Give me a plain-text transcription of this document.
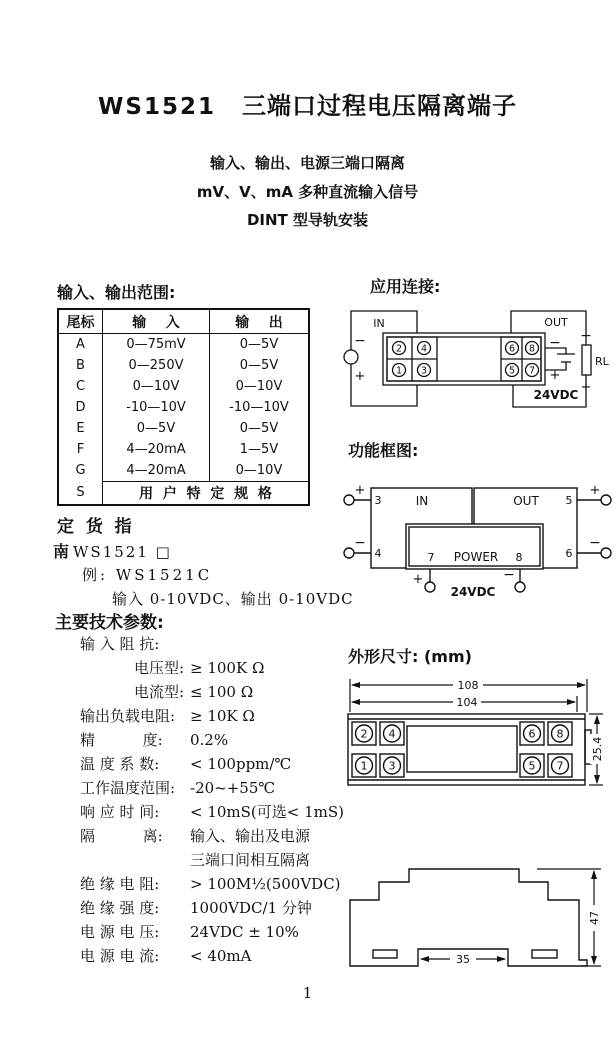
WS1521 三端口过程电压隔离端子
输入、输出、电源三端口隔离
mV、V、mA 多种直流输入信号
DINT 型导轨安装
输入、输出范围:
尾标	输    入	输    出
A	0—75mV	0—5V
B	0—250V	0—5V
C	0—10V	0—10V
D	-10—10V	-10—10V
E	0—5V	0—5V
F	4—20mA	1—5V
G	4—20mA	0—10V
S	用  户  特  定  规  格
定  货  指
南 WS1521 □
例: WS1521C
输入 0-10VDC、输出 0-10VDC
主要技术参数:
输 入 阻 抗:
电压型: ≥ 100K Ω
电流型: ≤ 100 Ω
输出负载电阻: ≥ 10K Ω
精          度: 0.2%
温 度 系 数: < 100ppm/℃
工作温度范围: -20~+55℃
响 应 时 间: < 10mS(可选< 1mS)
隔          离: 输入、输出及电源
三端口间相互隔离
绝 缘 电 阻: > 100M½(500VDC)
绝 缘 强 度: 1000VDC/1 分钟
电 源 电 压: 24VDC ± 10%
电 源 电 流: < 40mA
应用连接:
功能框图:
外形尺寸: (mm)
2 4
1 3
6 8
5 7
IN	OUT
−
+
−
+
−
+
RL
24VDC
IN	OUT
POWER
3
4
5
6
7	8
+
−
+
−
+	−
24VDC
108
104
25.4
2 4
1 3
6 8
5 7
35
47
1
